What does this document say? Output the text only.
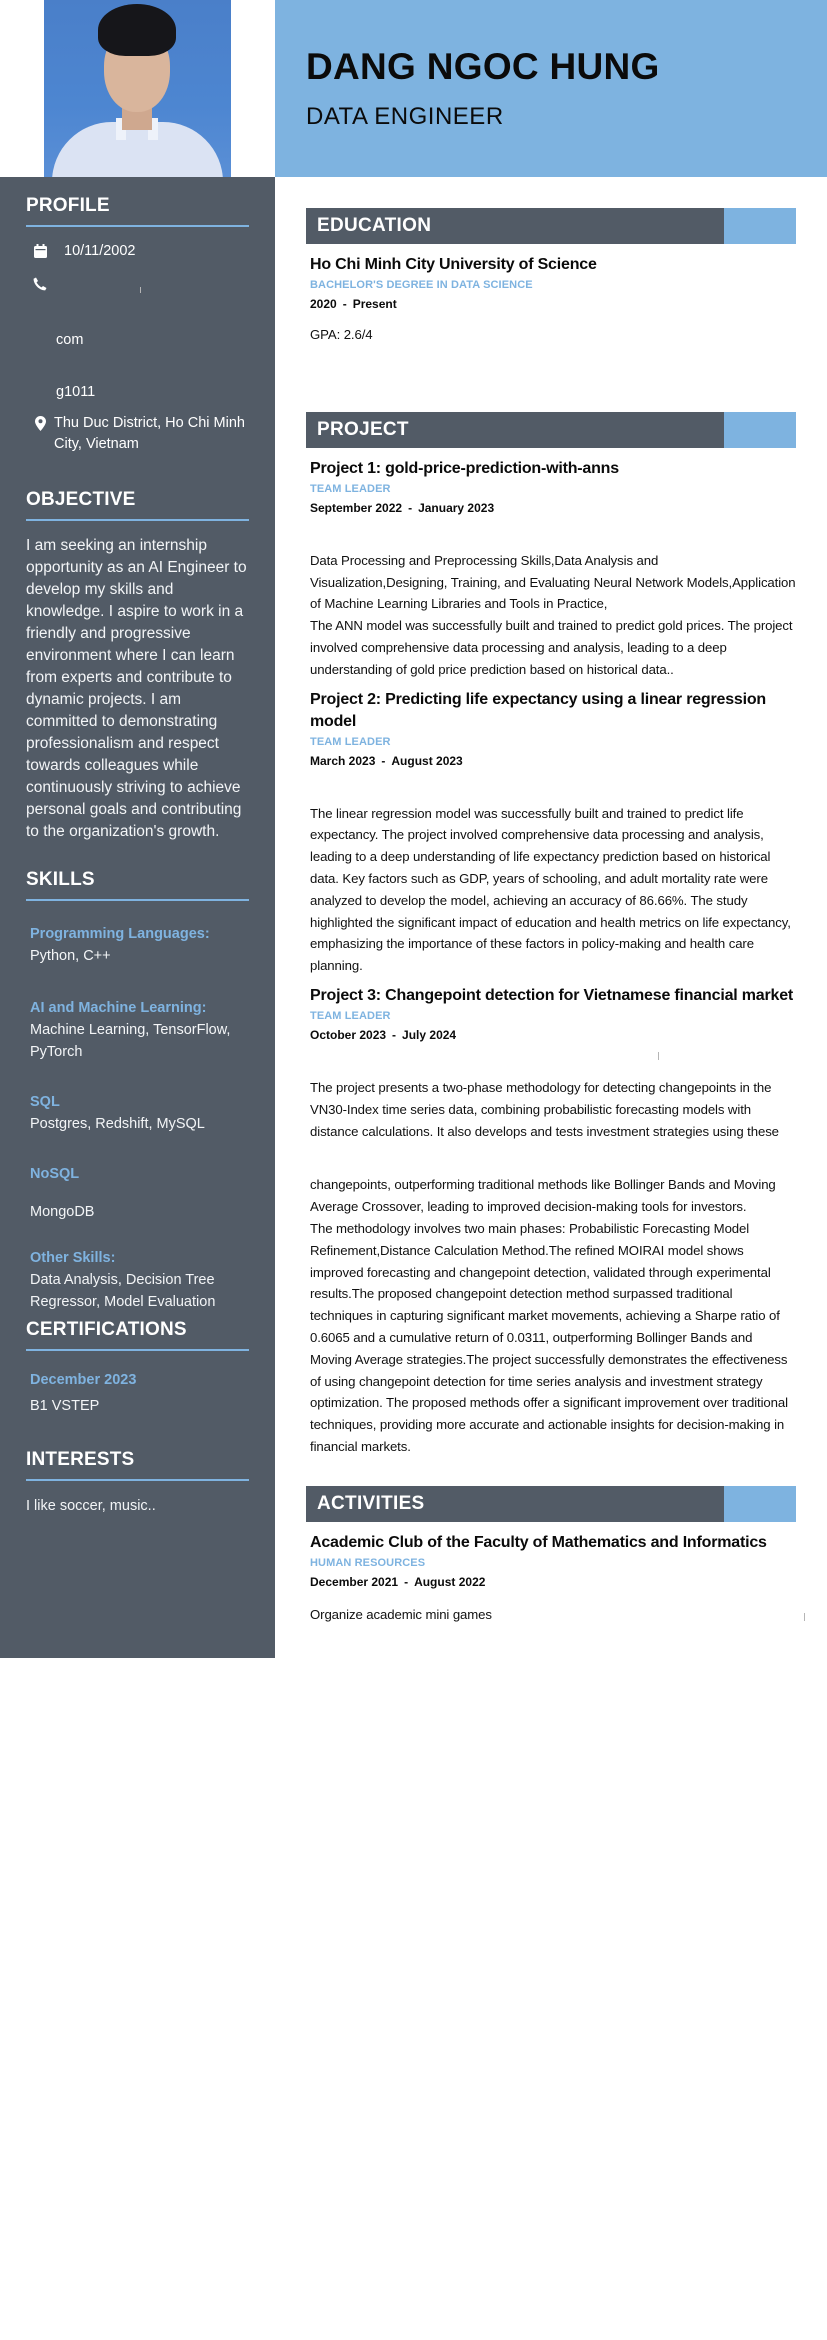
DANG NGOC HUNG
DATA ENGINEER
PROFILE
10/11/2002
com
g1011
Thu Duc District, Ho Chi Minh City, Vietnam
OBJECTIVE

I am seeking an internship opportunity as an AI Engineer to develop my skills and knowledge. I aspire to work in a friendly and progressive environment where I can learn from experts and contribute to dynamic projects. I am committed to demonstrating professionalism and respect towards colleagues while continuously striving to achieve personal goals and contributing to the organization's growth.

SKILLS
Programming Languages:
Python, C++
AI and Machine Learning:
Machine Learning, TensorFlow, PyTorch
SQL
Postgres, Redshift, MySQL
NoSQL
MongoDB
Other Skills:
Data Analysis, Decision Tree Regressor, Model Evaluation
CERTIFICATIONS
December 2023
B1 VSTEP
INTERESTS

I like soccer, music..

EDUCATION
Ho Chi Minh City University of Science
BACHELOR'S DEGREE IN DATA SCIENCE
2020 - Present
GPA: 2.6/4
PROJECT
Project 1: gold-price-prediction-with-anns
TEAM LEADER
September 2022 - January 2023
Data Processing and Preprocessing Skills,Data Analysis and Visualization,Designing, Training, and Evaluating Neural Network Models,Application of Machine Learning Libraries and Tools in Practice,
The ANN model was successfully built and trained to predict gold prices. The project involved comprehensive data processing and analysis, leading to a deep understanding of gold price prediction based on historical data..
Project 2: Predicting life expectancy using a linear regression model
TEAM LEADER
March 2023 - August 2023
The linear regression model was successfully built and trained to predict life expectancy. The project involved comprehensive data processing and analysis, leading to a deep understanding of life expectancy prediction based on historical data. Key factors such as GDP, years of schooling, and adult mortality rate were analyzed to develop the model, achieving an accuracy of 86.66%. The study highlighted the significant impact of education and health metrics on life expectancy, emphasizing the importance of these factors in policy-making and health care planning.
Project 3: Changepoint detection for Vietnamese financial market
TEAM LEADER
October 2023 - July 2024
The project presents a two-phase methodology for detecting changepoints in the VN30-Index time series data, combining probabilistic forecasting models with distance calculations. It also develops and tests investment strategies using these
changepoints, outperforming traditional methods like Bollinger Bands and Moving Average Crossover, leading to improved decision-making tools for investors.
The methodology involves two main phases: Probabilistic Forecasting Model Refinement,Distance Calculation Method.The refined MOIRAI model shows improved forecasting and changepoint detection, validated through experimental results.The proposed changepoint detection method surpassed traditional techniques in capturing significant market movements, achieving a Sharpe ratio of 0.6065 and a cumulative return of 0.0311, outperforming Bollinger Bands and Moving Average strategies.The project successfully demonstrates the effectiveness of using changepoint detection for time series analysis and investment strategy optimization. The proposed methods offer a significant improvement over traditional techniques, providing more accurate and actionable insights for decision-making in financial markets.
ACTIVITIES
Academic Club of the Faculty of Mathematics and Informatics
HUMAN RESOURCES
December 2021 - August 2022
Organize academic mini games
